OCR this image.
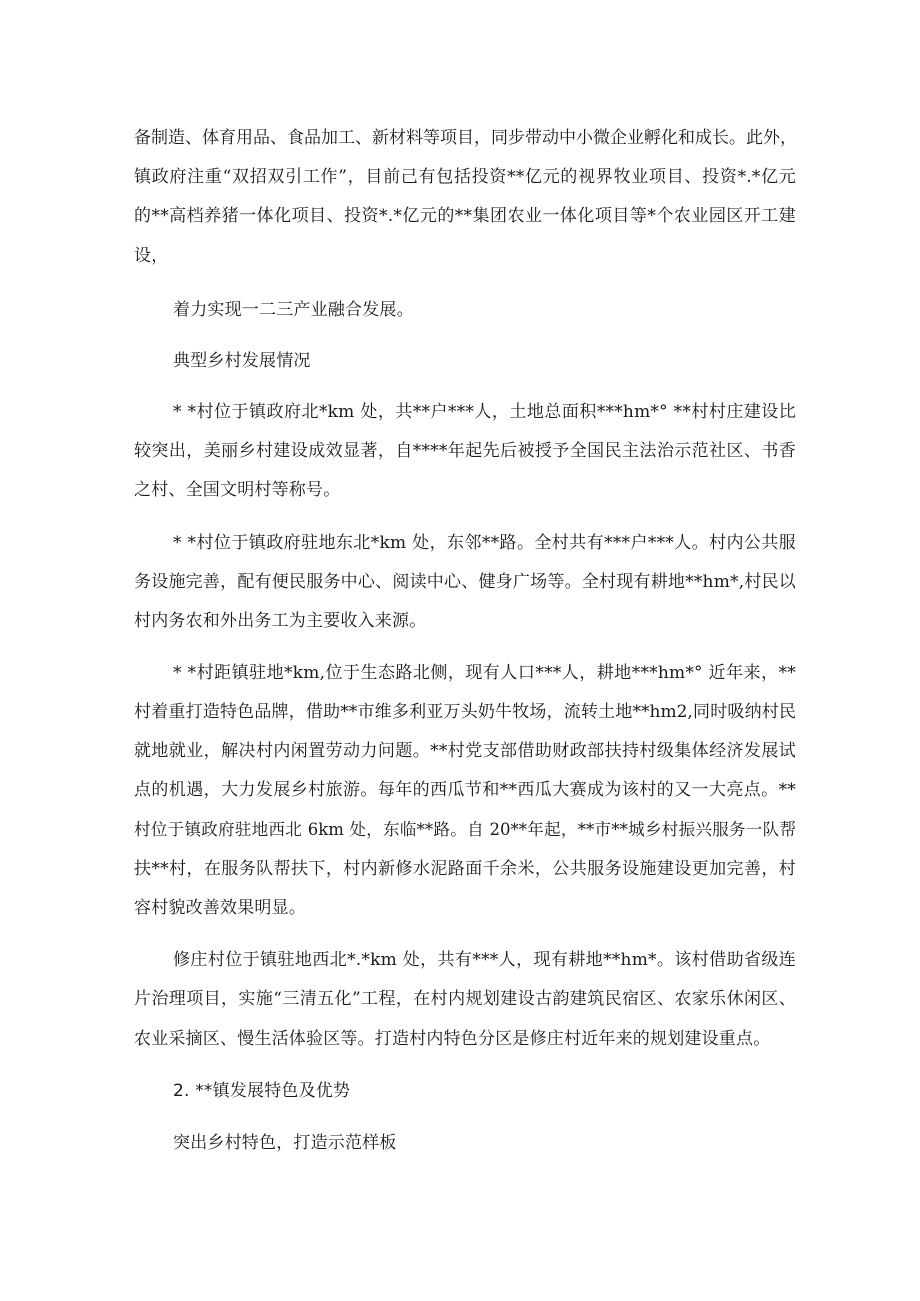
备制造、体育用品、食品加工、新材料等项目，同步带动中小微企业孵化和成长。此外，
镇政府注重“双招双引工作”，目前己有包括投资**亿元的视界牧业项目、投资*.*亿元
的**高档养猪一体化项目、投资*.*亿元的**集团农业一体化项目等*个农业园区开工建
设，
着力实现一二三产业融合发展。
典型乡村发展情况
* *村位于镇政府北*km 处，共**户***人，土地总面积***hm*° **村村庄建设比
较突出，美丽乡村建设成效显著，自****年起先后被授予全国民主法治示范社区、书香
之村、全国文明村等称号。
* *村位于镇政府驻地东北*km 处，东邻**路。全村共有***户***人。村内公共服
务设施完善，配有便民服务中心、阅读中心、健身广场等。全村现有耕地**hm*,村民以
村内务农和外出务工为主要收入来源。
* *村距镇驻地*km,位于生态路北侧，现有人口***人，耕地***hm*° 近年来，**
村着重打造特色品牌，借助**市维多利亚万头奶牛牧场，流转土地**hm2,同时吸纳村民
就地就业，解决村内闲置劳动力问题。**村党支部借助财政部扶持村级集体经济发展试
点的机遇，大力发展乡村旅游。每年的西瓜节和**西瓜大赛成为该村的又一大亮点。**
村位于镇政府驻地西北 6km 处，东临**路。自 20**年起，**市**城乡村振兴服务一队帮
扶**村，在服务队帮扶下，村内新修水泥路面千余米，公共服务设施建设更加完善，村
容村貌改善效果明显。
修庄村位于镇驻地西北*.*km 处，共有***人，现有耕地**hm*。该村借助省级连
片治理项目，实施“三清五化”工程，在村内规划建设古韵建筑民宿区、农家乐休闲区、
农业采摘区、慢生活体验区等。打造村内特色分区是修庄村近年来的规划建设重点。
2. **镇发展特色及优势
突出乡村特色，打造示范样板
